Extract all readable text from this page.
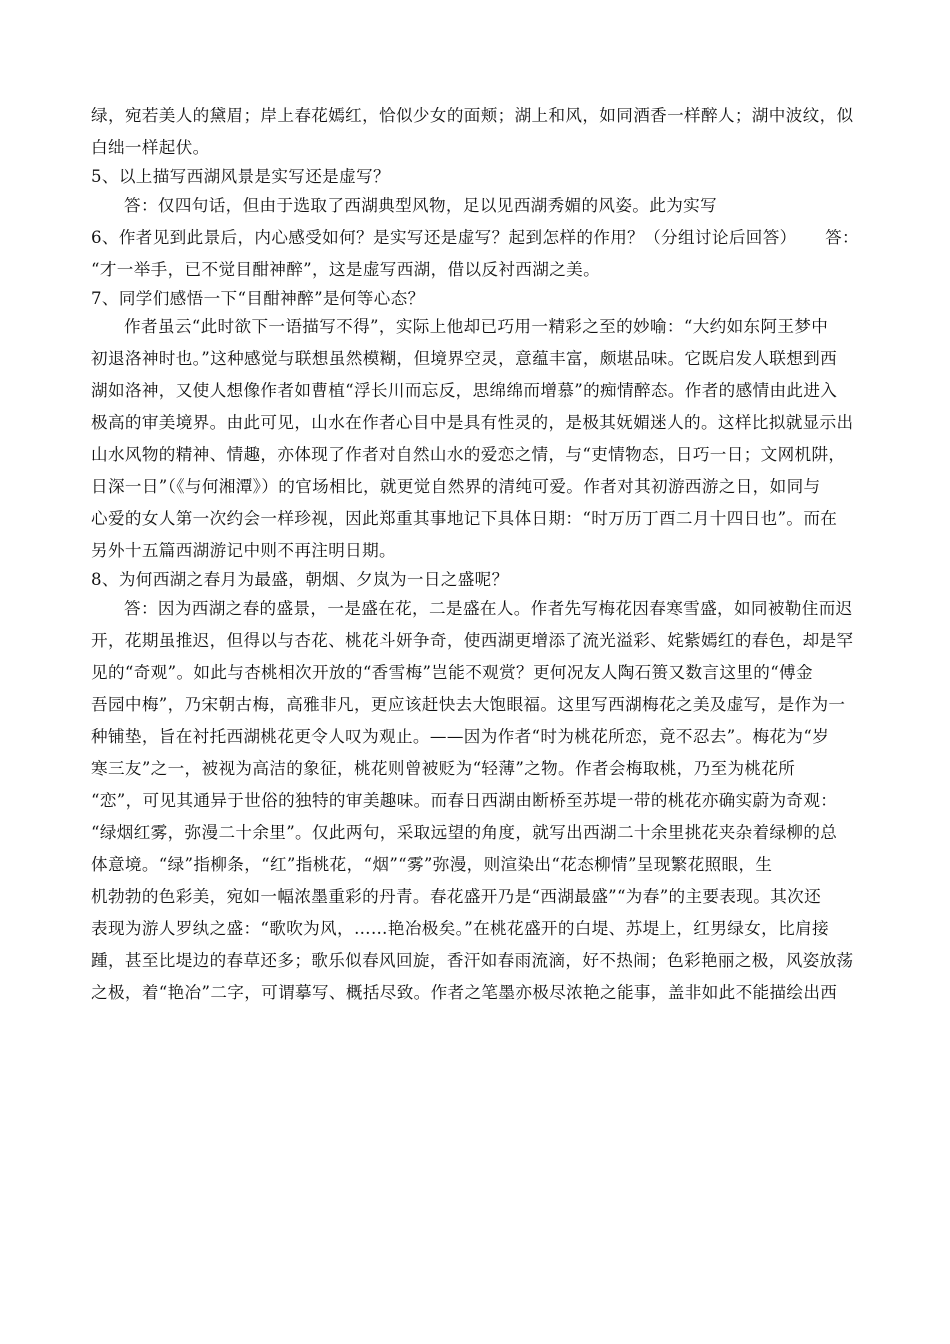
绿，宛若美人的黛眉；岸上春花嫣红，恰似少女的面颊；湖上和风，如同酒香一样醉人；湖中波纹，似
白绌一样起伏。
5、以上描写西湖风景是实写还是虚写？
答：仅四句话，但由于选取了西湖典型风物，足以见西湖秀媚的风姿。此为实写
6、作者见到此景后，内心感受如何？是实写还是虚写？起到怎样的作用？（分组讨论后回答） 答：
“才一举手，已不觉目酣神醉”，这是虚写西湖，借以反衬西湖之美。
7、同学们感悟一下“目酣神醉”是何等心态？
作者虽云“此时欲下一语描写不得”，实际上他却已巧用一精彩之至的妙喻：“大约如东阿王梦中
初退洛神时也。”这种感觉与联想虽然模糊，但境界空灵，意蕴丰富，颇堪品味。它既启发人联想到西
湖如洛神，又使人想像作者如曹植“浮长川而忘反，思绵绵而增慕”的痴情醉态。作者的感情由此进入
极高的审美境界。由此可见，山水在作者心目中是具有性灵的，是极其妩媚迷人的。这样比拟就显示出
山水风物的精神、情趣，亦体现了作者对自然山水的爱恋之情，与“吏情物态，日巧一日；文网机阱，
日深一日”（《与何湘潭》）的官场相比，就更觉自然界的清纯可爱。作者对其初游西游之日，如同与
心爱的女人第一次约会一样珍视，因此郑重其事地记下具体日期：“时万历丁酉二月十四日也”。而在
另外十五篇西湖游记中则不再注明日期。
8、为何西湖之春月为最盛，朝烟、夕岚为一日之盛呢？
答：因为西湖之春的盛景，一是盛在花，二是盛在人。作者先写梅花因春寒雪盛，如同被勒住而迟
开，花期虽推迟，但得以与杏花、桃花斗妍争奇，使西湖更增添了流光溢彩、姹紫嫣红的春色，却是罕
见的“奇观”。如此与杏桃相次开放的“香雪梅”岂能不观赏？更何况友人陶石篑又数言这里的“傅金
吾园中梅”，乃宋朝古梅，高雅非凡，更应该赶快去大饱眼福。这里写西湖梅花之美及虚写，是作为一
种铺垫，旨在衬托西湖桃花更令人叹为观止。——因为作者“时为桃花所恋，竟不忍去”。梅花为“岁
寒三友”之一，被视为高洁的象征，桃花则曾被贬为“轻薄”之物。作者会梅取桃，乃至为桃花所
“恋”，可见其通异于世俗的独特的审美趣味。而春日西湖由断桥至苏堤一带的桃花亦确实蔚为奇观：
“绿烟红雾，弥漫二十余里”。仅此两句，采取远望的角度，就写出西湖二十余里挑花夹杂着绿柳的总
体意境。“绿”指柳条，“红”指桃花，“烟”“雾”弥漫，则渲染出“花态柳情”呈现繁花照眼，生
机勃勃的色彩美，宛如一幅浓墨重彩的丹青。春花盛开乃是“西湖最盛”“为春”的主要表现。其次还
表现为游人罗纨之盛：“歌吹为风，……艳冶极矣。”在桃花盛开的白堤、苏堤上，红男绿女，比肩接
踵，甚至比堤边的春草还多；歌乐似春风回旋，香汗如春雨流滴，好不热闹；色彩艳丽之极，风姿放荡
之极，着“艳冶”二字，可谓摹写、概括尽致。作者之笔墨亦极尽浓艳之能事，盖非如此不能描绘出西
